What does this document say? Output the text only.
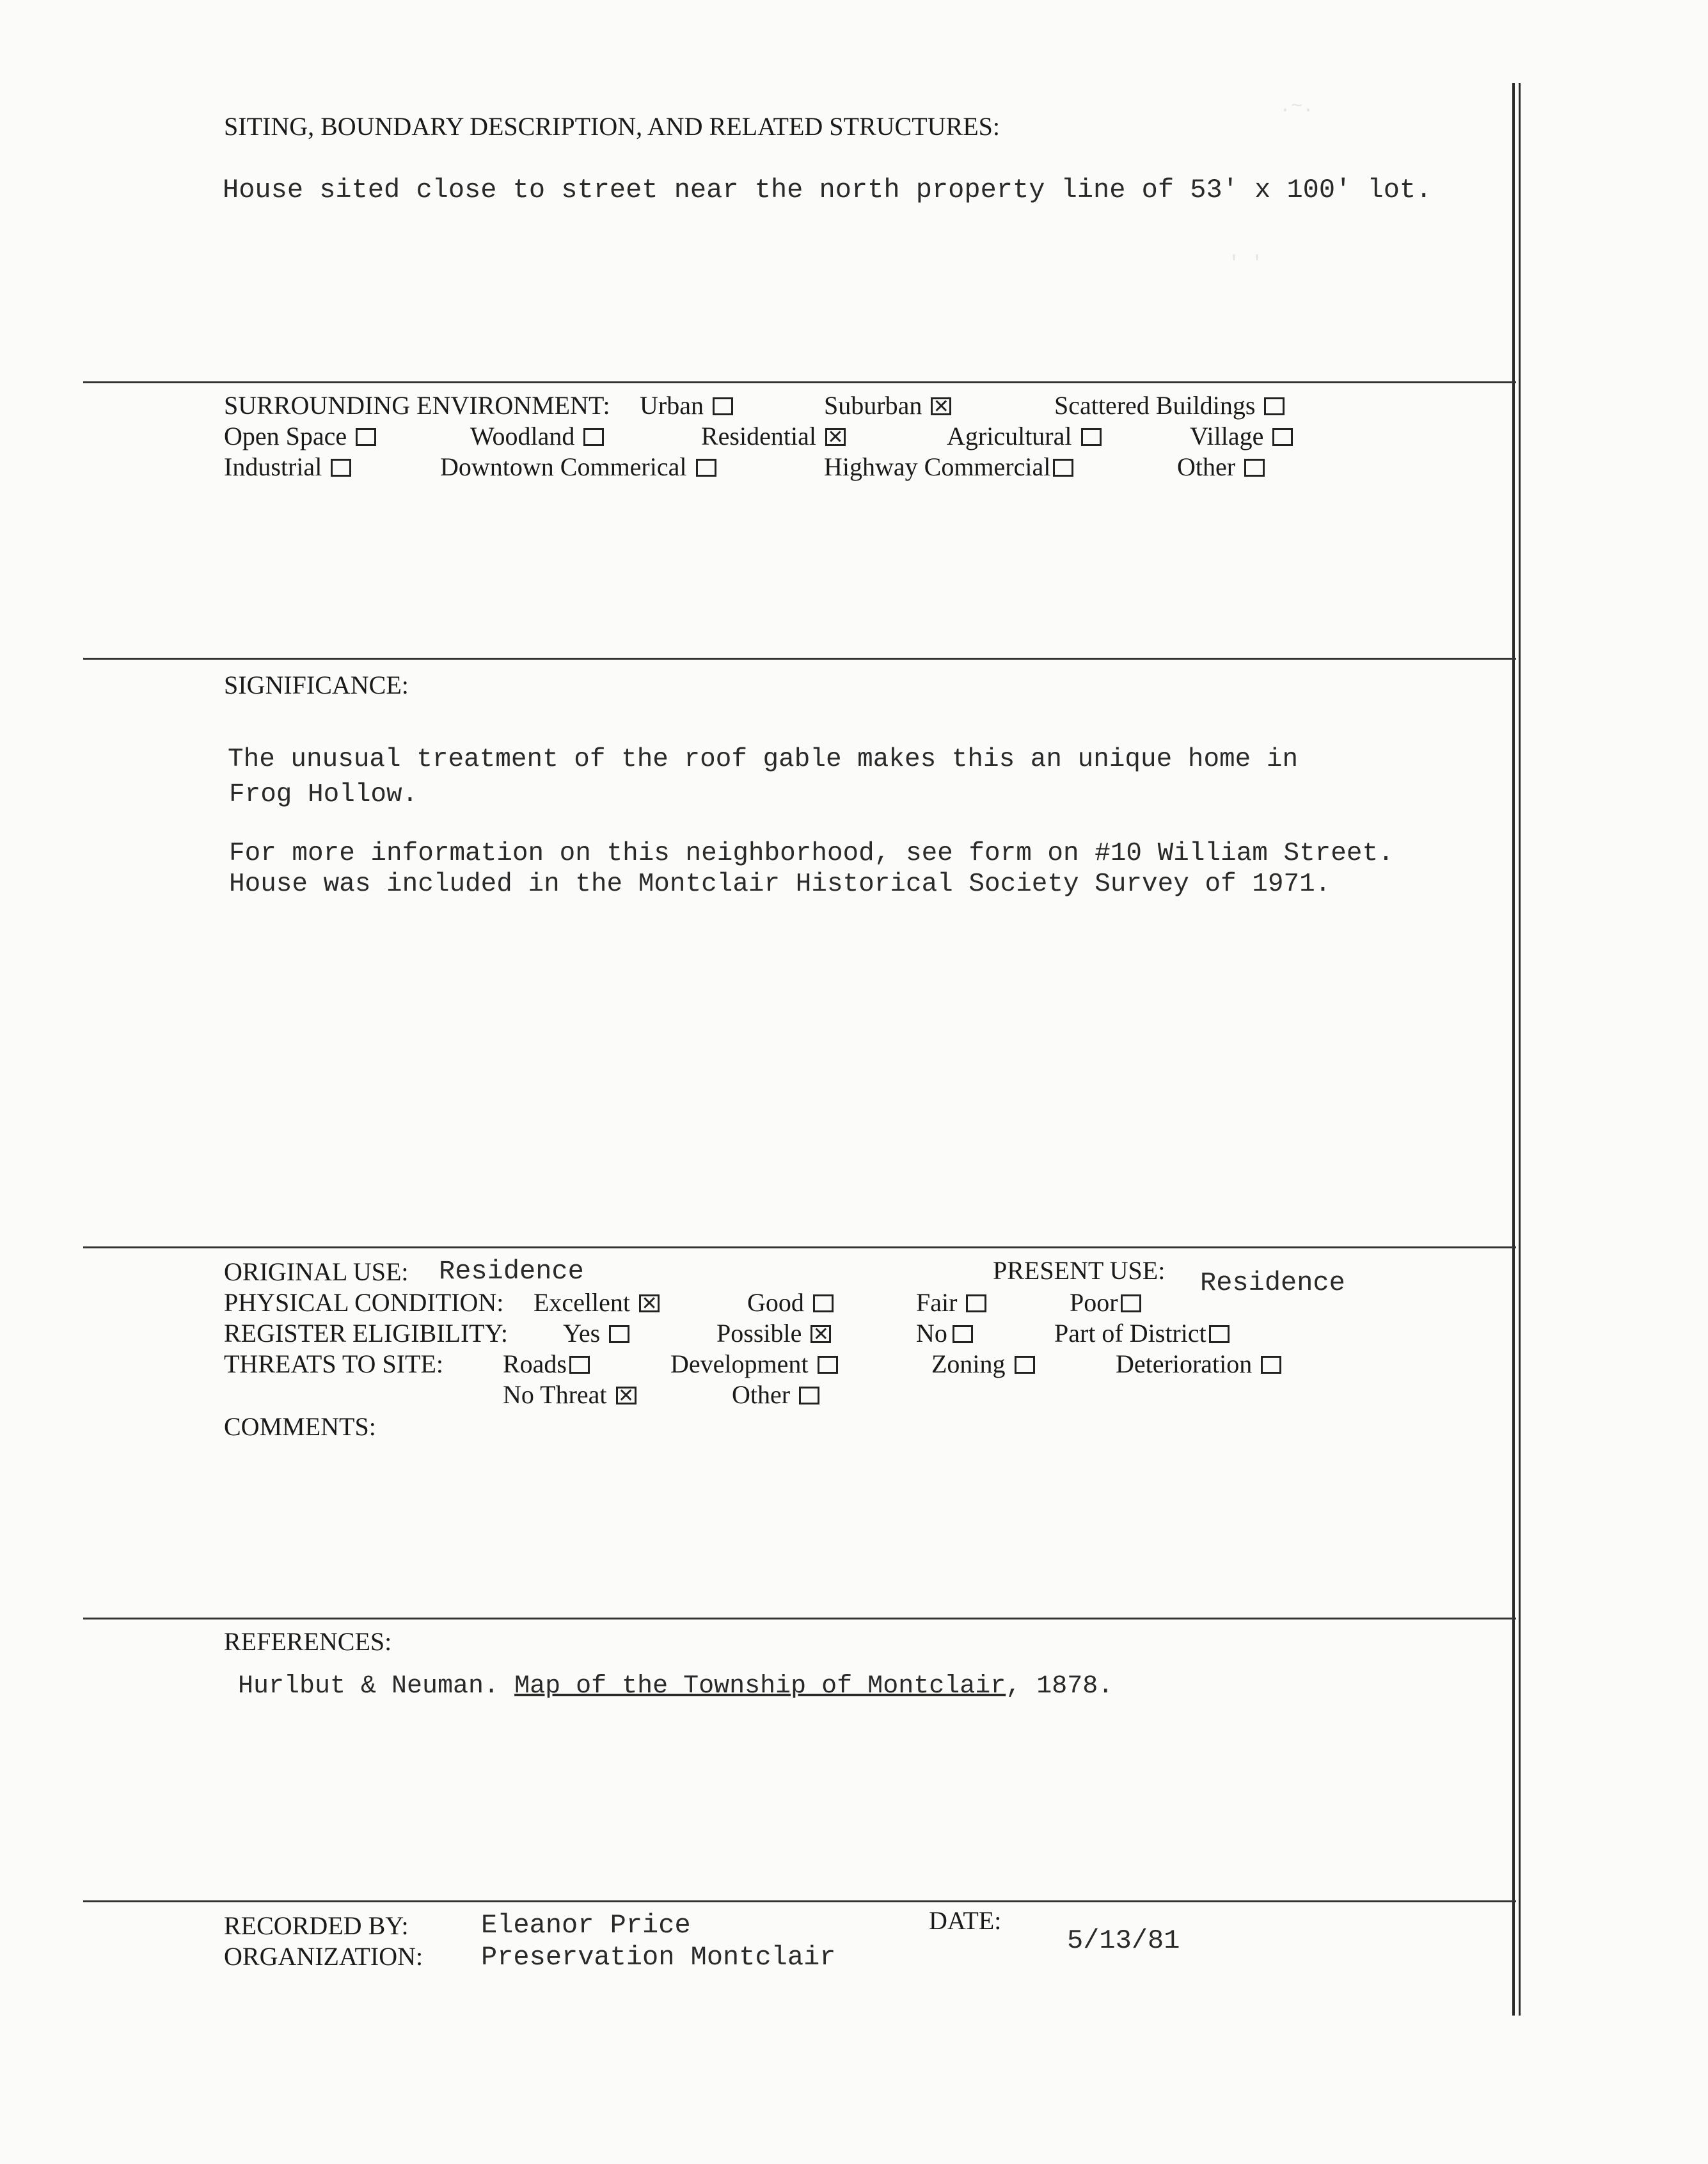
.~.
' '
SITING, BOUNDARY DESCRIPTION, AND RELATED STRUCTURES:
House sited close to street near the north property line of 53' x 100' lot.
SURROUNDING ENVIRONMENT: Urban	Suburban ✕	Scattered Buildings
Open Space	Woodland	Residential ✕	Agricultural	Village
Industrial	Downtown Commerical	Highway Commercial	Other
SIGNIFICANCE:
The unusual treatment of the roof gable makes this an unique home in
Frog Hollow.
For more information on this neighborhood, see form on #10 William Street.
House was included in the Montclair Historical Society Survey of 1971.
ORIGINAL USE: Residence	PRESENT USE: Residence
PHYSICAL CONDITION: Excellent ✕	Good	Fair	Poor
REGISTER ELIGIBILITY: Yes	Possible ✕	No	Part of District
THREATS TO SITE: Roads	Development	Zoning	Deterioration
No Threat ✕	Other
COMMENTS:
REFERENCES:
Hurlbut & Neuman. Map of the Township of Montclair, 1878.
RECORDED BY:	Eleanor Price
ORGANIZATION: Preservation Montclair
DATE:
5/13/81
